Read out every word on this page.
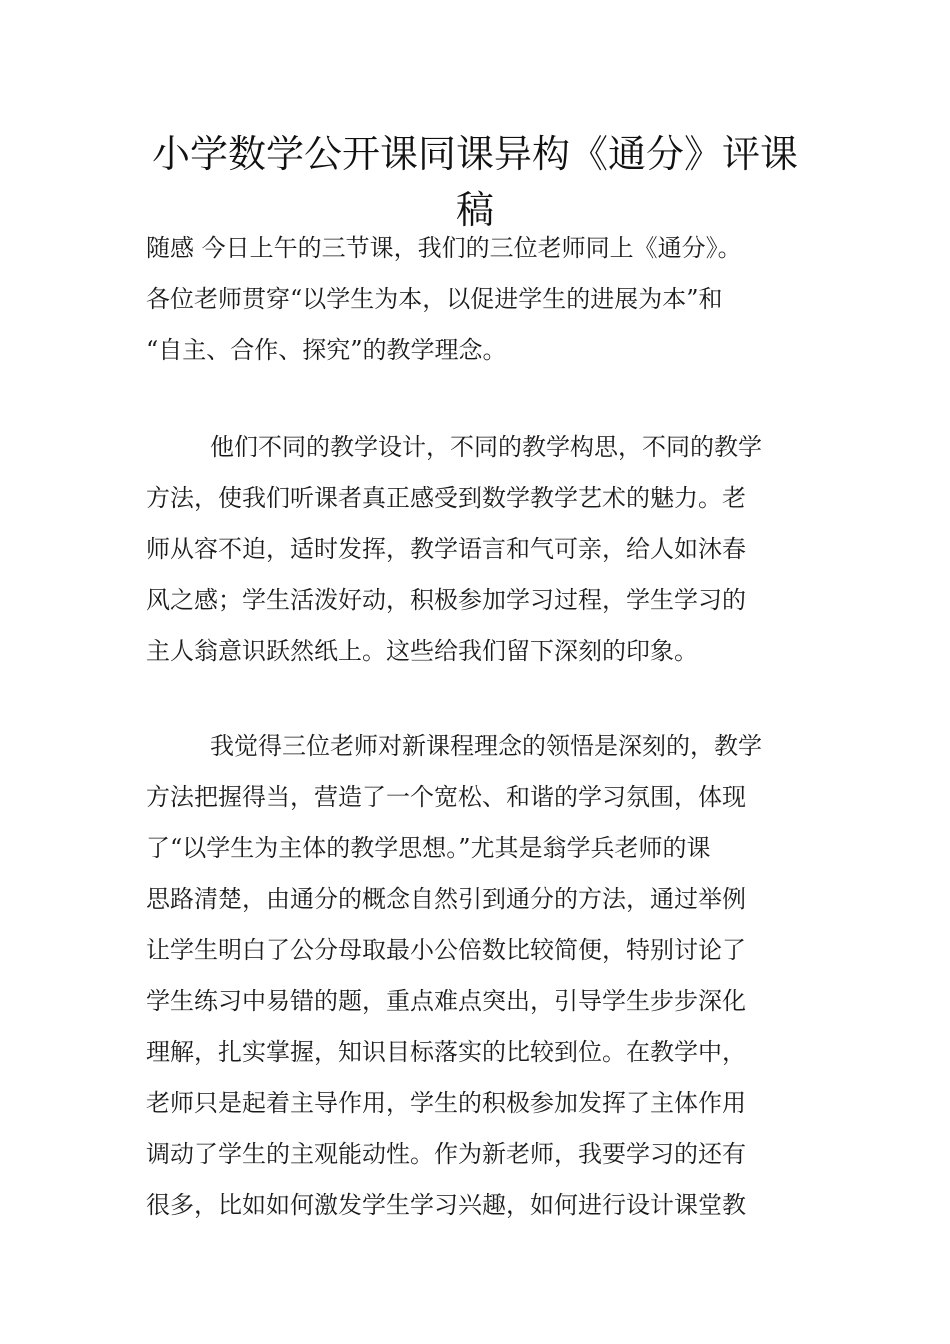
小学数学公开课同课异构《通分》评课
稿
随感 今日上午的三节课，我们的三位老师同上《通分》。
各位老师贯穿“以学生为本，以促进学生的进展为本”和
“自主、合作、探究”的教学理念。
他们不同的教学设计，不同的教学构思，不同的教学
方法，使我们听课者真正感受到数学教学艺术的魅力。老
师从容不迫，适时发挥，教学语言和气可亲，给人如沐春
风之感；学生活泼好动，积极参加学习过程，学生学习的
主人翁意识跃然纸上。这些给我们留下深刻的印象。
我觉得三位老师对新课程理念的领悟是深刻的，教学
方法把握得当，营造了一个宽松、和谐的学习氛围，体现
了“以学生为主体的教学思想。”尤其是翁学兵老师的课
思路清楚，由通分的概念自然引到通分的方法，通过举例
让学生明白了公分母取最小公倍数比较简便，特别讨论了
学生练习中易错的题，重点难点突出，引导学生步步深化
理解，扎实掌握，知识目标落实的比较到位。在教学中，
老师只是起着主导作用，学生的积极参加发挥了主体作用
调动了学生的主观能动性。作为新老师，我要学习的还有
很多，比如如何激发学生学习兴趣，如何进行设计课堂教
